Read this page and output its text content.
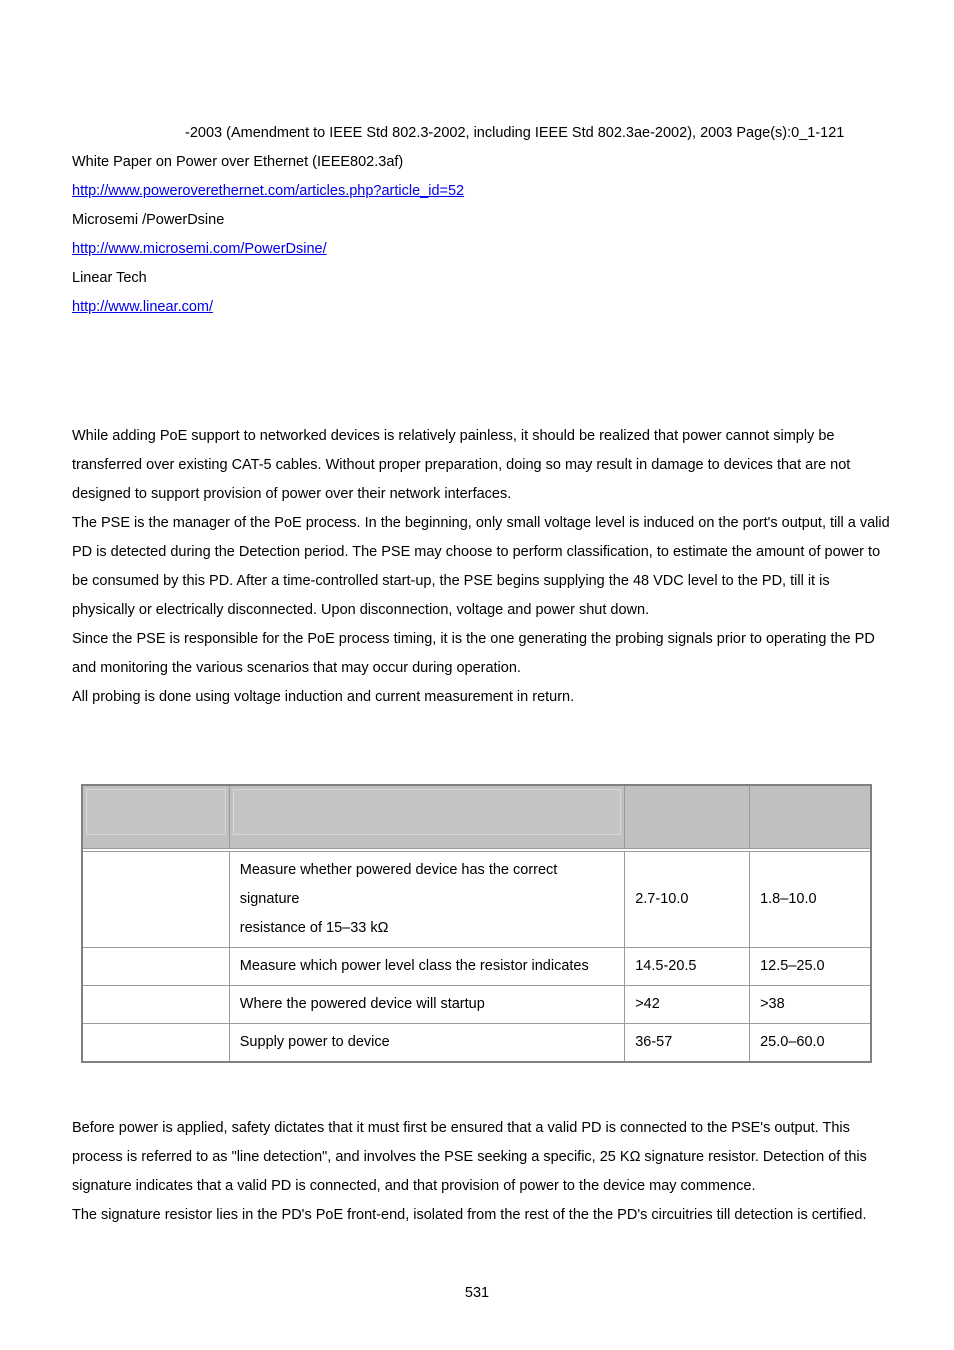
-2003 (Amendment to IEEE Std 802.3-2002, including IEEE Std 802.3ae-2002), 2003 Page(s):0_1-121
White Paper on Power over Ethernet (IEEE802.3af)
http://www.poweroverethernet.com/articles.php?article_id=52
Microsemi /PowerDsine
http://www.microsemi.com/PowerDsine/
Linear Tech
http://www.linear.com/
While adding PoE support to networked devices is relatively painless, it should be realized that power cannot simply be
transferred over existing CAT-5 cables. Without proper preparation, doing so may result in damage to devices that are not
designed to support provision of power over their network interfaces.
The PSE is the manager of the PoE process. In the beginning, only small voltage level is induced on the port's output, till a valid
PD is detected during the Detection period. The PSE may choose to perform classification, to estimate the amount of power to
be consumed by this PD. After a time-controlled start-up, the PSE begins supplying the 48 VDC level to the PD, till it is
physically or electrically disconnected. Upon disconnection, voltage and power shut down.
Since the PSE is responsible for the PoE process timing, it is the one generating the probing signals prior to operating the PD
and monitoring the various scenarios that may occur during operation.
All probing is done using voltage induction and current measurement in return.

	Measure whether powered device has the correct signature
resistance of 15–33 kΩ	2.7-10.0	1.8–10.0
	Measure which power level class the resistor indicates	14.5-20.5	12.5–25.0
	Where the powered device will startup	>42	>38
	Supply power to device	36-57	25.0–60.0
Before power is applied, safety dictates that it must first be ensured that a valid PD is connected to the PSE's output. This
process is referred to as "line detection", and involves the PSE seeking a specific, 25 KΩ signature resistor. Detection of this
signature indicates that a valid PD is connected, and that provision of power to the device may commence.
The signature resistor lies in the PD's PoE front-end, isolated from the rest of the the PD's circuitries till detection is certified.
531
